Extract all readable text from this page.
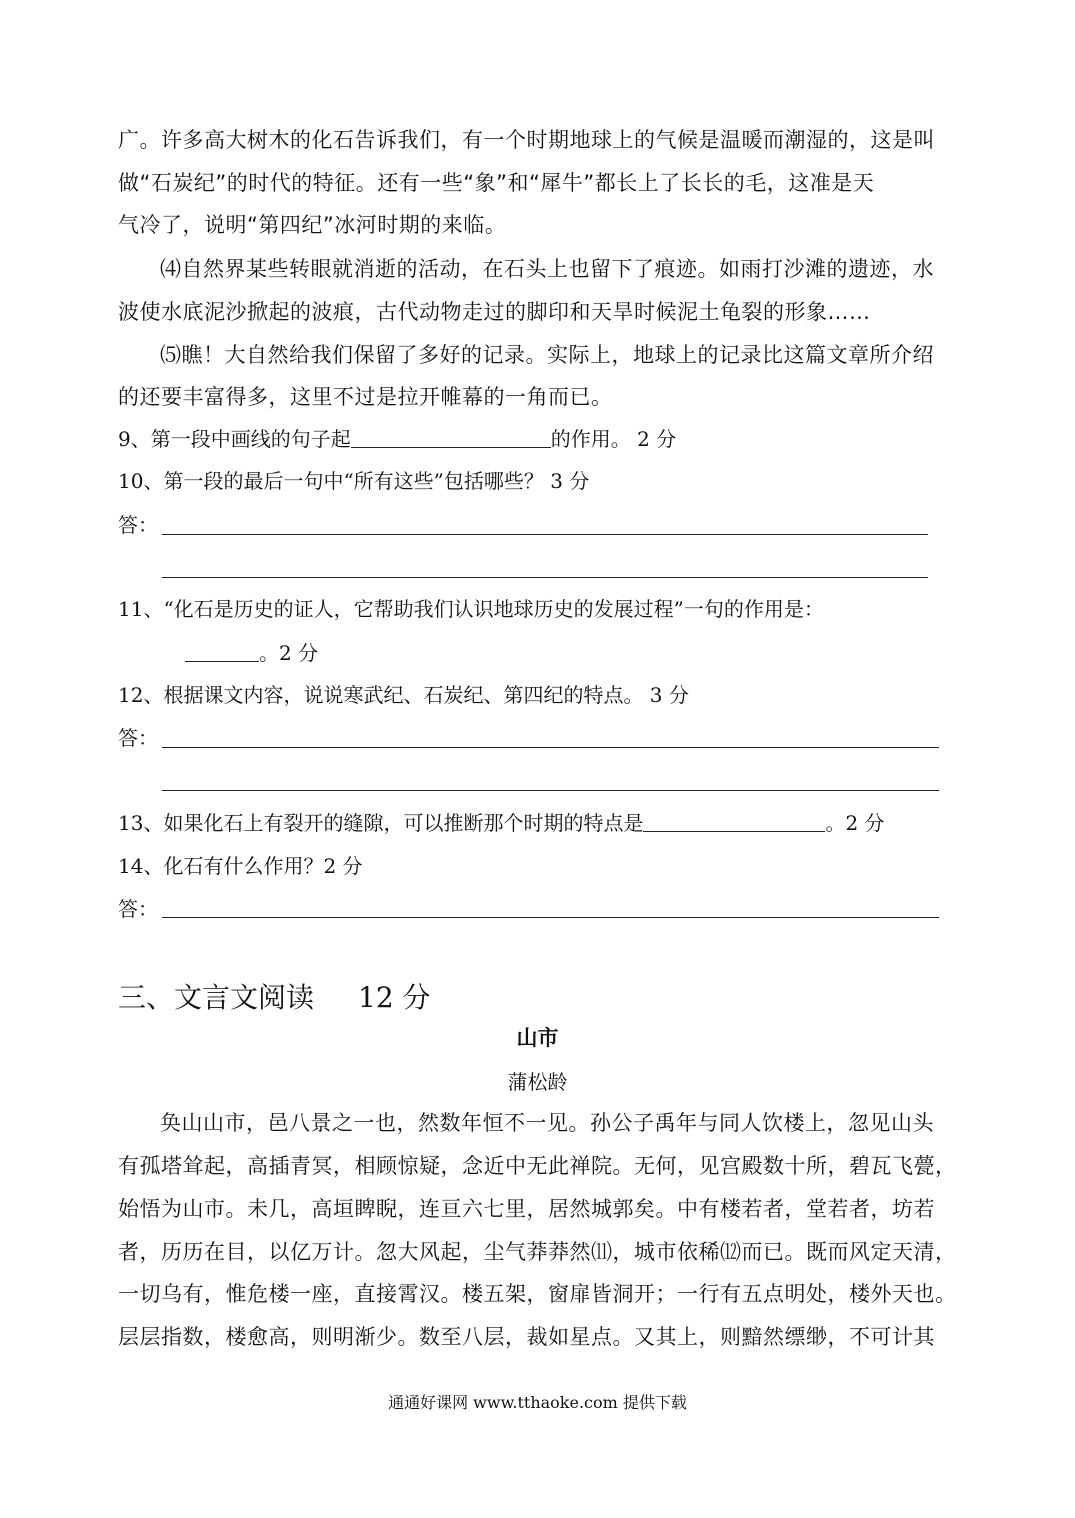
广。许多高大树木的化石告诉我们，有一个时期地球上的气候是温暖而潮湿的，这是叫
做“石炭纪”的时代的特征。还有一些“象”和“犀牛”都长上了长长的毛，这准是天
气冷了，说明“第四纪”冰河时期的来临。
⑷自然界某些转眼就消逝的活动，在石头上也留下了痕迹。如雨打沙滩的遗迹，水
波使水底泥沙掀起的波痕，古代动物走过的脚印和天旱时候泥土龟裂的形象……
⑸瞧！大自然给我们保留了多好的记录。实际上，地球上的记录比这篇文章所介绍
的还要丰富得多，这里不过是拉开帷幕的一角而已。
9、第一段中画线的句子起	的作用。 2 分
10、第一段的最后一句中“所有这些”包括哪些？ 3 分
答：
11、“化石是历史的证人，它帮助我们认识地球历史的发展过程”一句的作用是：
。2 分
12、根据课文内容，说说寒武纪、石炭纪、第四纪的特点。 3 分
答：
13、如果化石上有裂开的缝隙，可以推断那个时期的特点是	。2 分
14、化石有什么作用？2 分
答：
三、文言文阅读 12 分
山市
蒲松龄
奂山山市，邑八景之一也，然数年恒不一见。孙公子禹年与同人饮楼上，忽见山头
有孤塔耸起，高插青冥，相顾惊疑，念近中无此禅院。无何，见宫殿数十所，碧瓦飞甍，
始悟为山市。未几，高垣睥睨，连亘六七里，居然城郭矣。中有楼若者，堂若者，坊若
者，历历在目，以亿万计。忽大风起，尘气莽莽然⑾，城市依稀⑿而已。既而风定天清，
一切乌有，惟危楼一座，直接霄汉。楼五架，窗扉皆洞开；一行有五点明处，楼外天也。
层层指数，楼愈高，则明渐少。数至八层，裁如星点。又其上，则黯然缥缈，不可计其
通通好课网 www.tthaoke.com 提供下载
